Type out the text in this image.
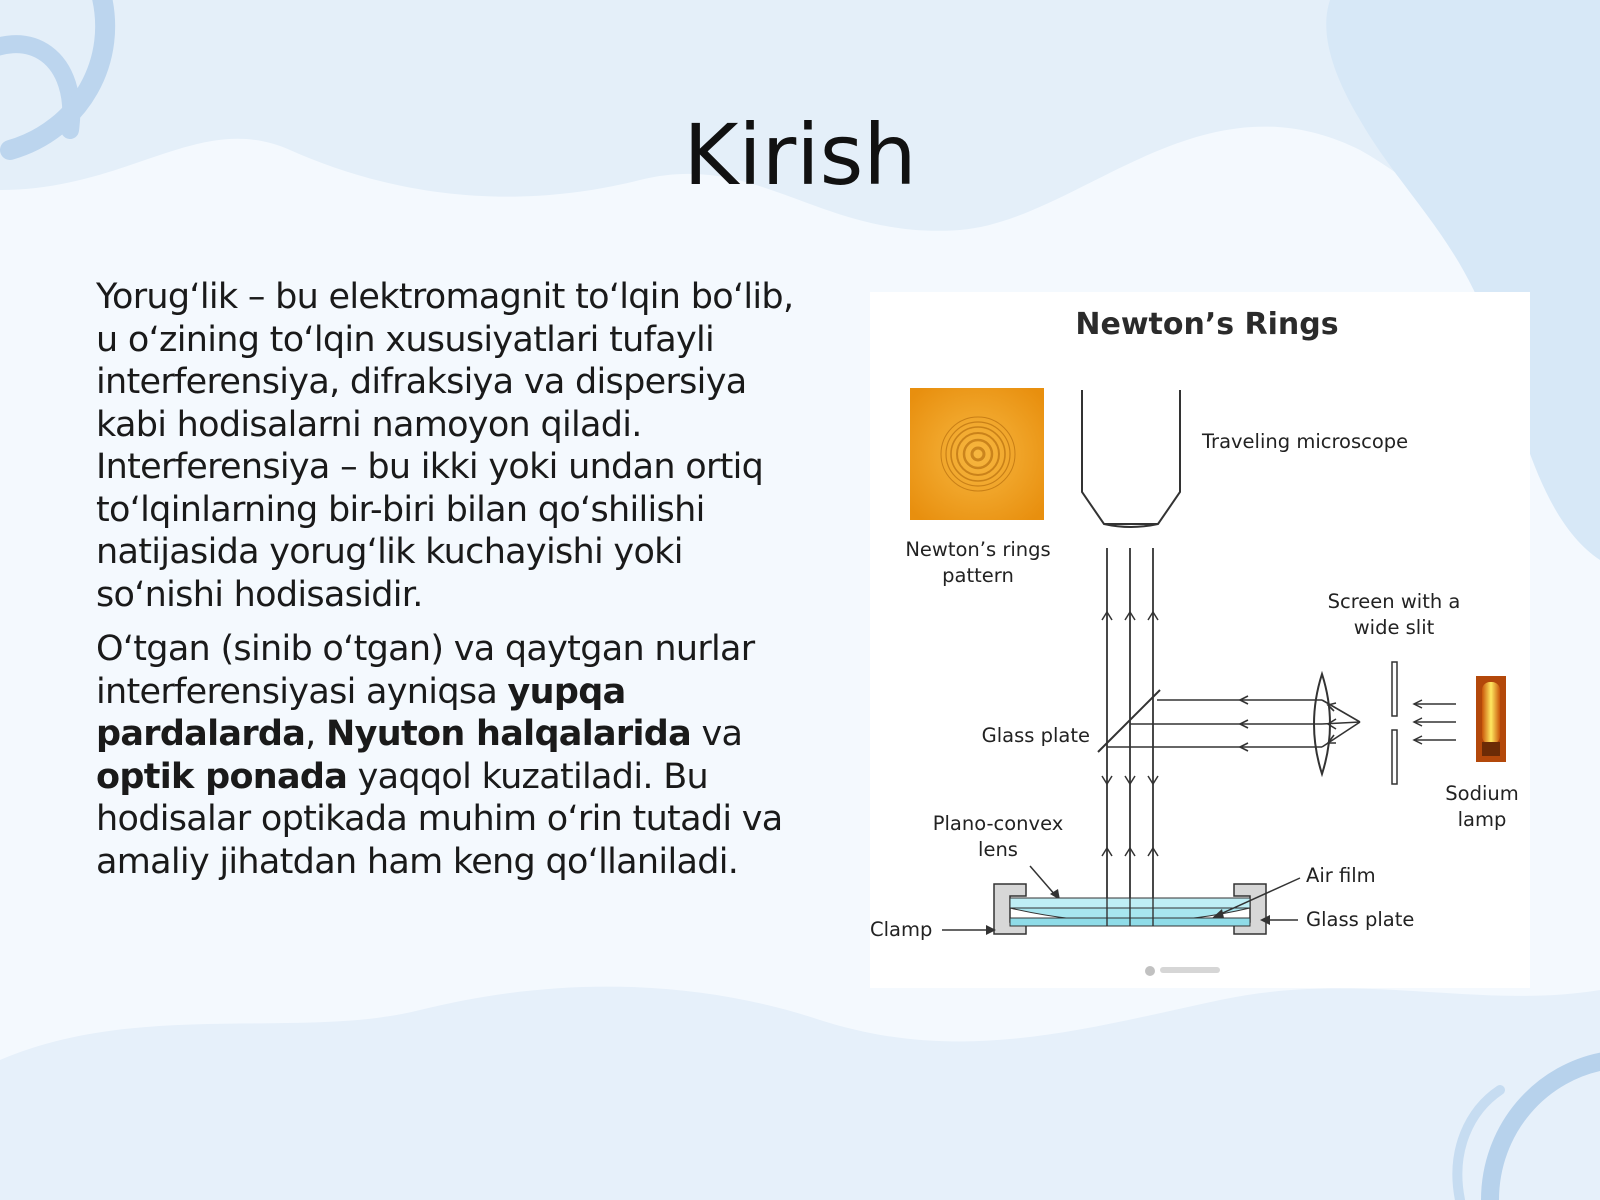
Kirish

Yorugʻlik – bu elektromagnit toʻlqin boʻlib, u oʻzining toʻlqin xususiyatlari tufayli interferensiya, difraksiya va dispersiya kabi hodisalarni namoyon qiladi. Interferensiya – bu ikki yoki undan ortiq toʻlqinlarning bir-biri bilan qoʻshilishi natijasida yorugʻlik kuchayishi yoki soʻnishi hodisasidir.

Oʻtgan (sinib oʻtgan) va qaytgan nurlar interferensiyasi ayniqsa yupqa pardalarda, Nyuton halqalarida va optik ponada yaqqol kuzatiladi. Bu hodisalar optikada muhim oʻrin tutadi va amaliy jihatdan ham keng qoʻllaniladi.

Newton’s Rings
Newton’s rings
pattern
Traveling microscope
Glass plate
Screen with a
wide slit
Sodium
lamp
Plano-convex
lens
Air film
Glass plate
Clamp
